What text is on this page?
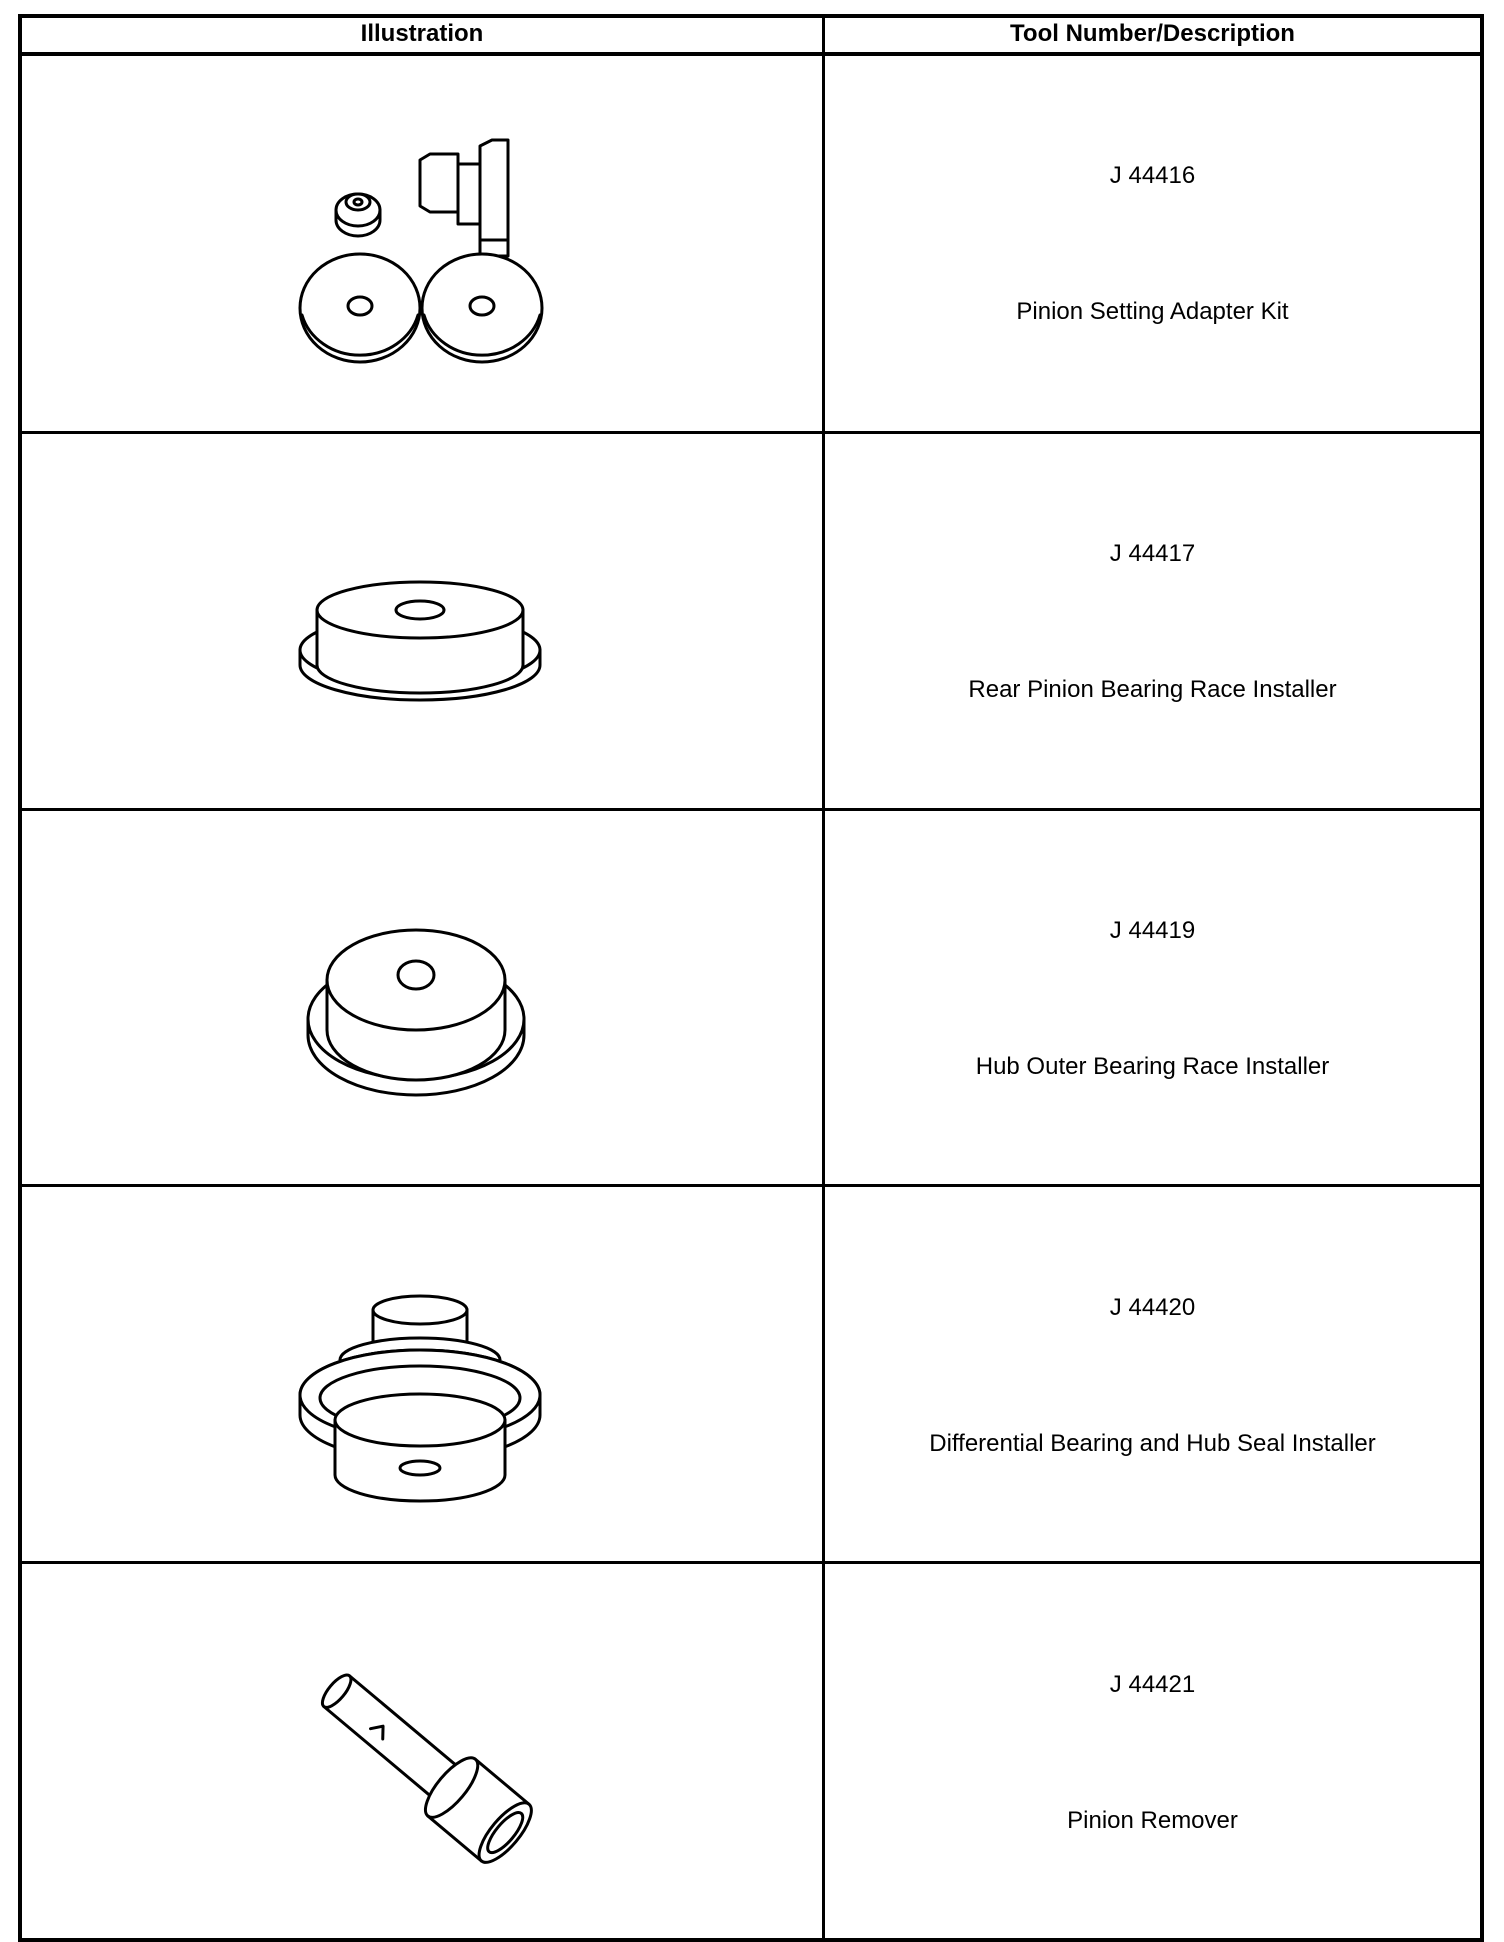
Illustration	Tool Number/Description
J 44416
Pinion Setting Adapter Kit
J 44417
Rear Pinion Bearing Race Installer
J 44419
Hub Outer Bearing Race Installer
J 44420
Differential Bearing and Hub Seal Installer
J 44421
Pinion Remover
